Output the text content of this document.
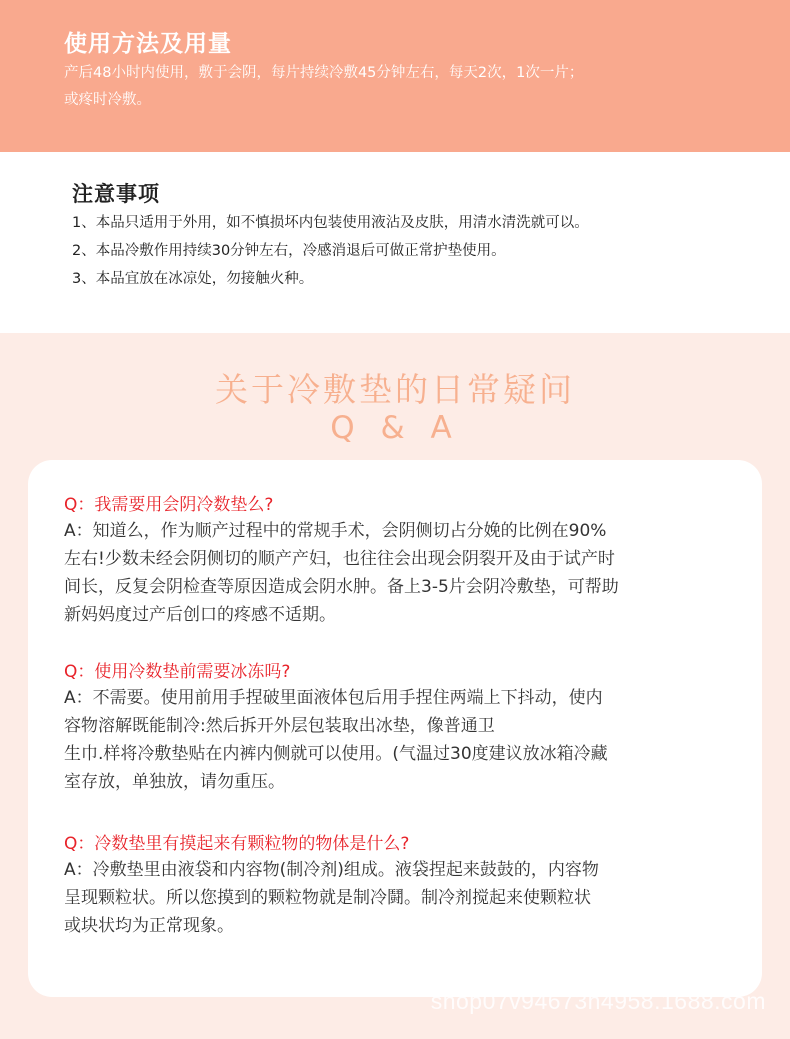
使用方法及用量
产后48小时内使用，敷于会阴，每片持续冷敷45分钟左右，每天2次，1次一片；
或疼时冷敷。
注意事项
1、本品只适用于外用，如不慎损坏内包装使用液沾及皮肤，用清水清洗就可以。
2、本品冷敷作用持续30分钟左右，冷感消退后可做正常护垫使用。
3、本品宜放在冰凉处，勿接触火种。
关于冷敷垫的日常疑问
Q & A
Q：我需要用会阴冷数垫么?
A：知道么，作为顺产过程中的常规手术，会阴侧切占分娩的比例在90%
左右!少数未经会阴侧切的顺产产妇，也往往会出现会阴裂开及由于试产时
间长，反复会阴检查等原因造成会阴水肿。备上3-5片会阴冷敷垫，可帮助
新妈妈度过产后创口的疼感不适期。
Q：使用冷数垫前需要冰冻吗?
A：不需要。使用前用手捏破里面液体包后用手捏住两端上下抖动，使内
容物溶解既能制冷:然后拆开外层包装取出冰垫，像普通卫
生巾.样将冷敷垫贴在内裤内侧就可以使用。(气温过30度建议放冰箱冷藏
室存放，单独放，请勿重压。
Q：冷数垫里有摸起来有颗粒物的物体是什么?
A：冷敷垫里由液袋和内容物(制冷剂)组成。液袋捏起来鼓鼓的，内容物
呈现颗粒状。所以您摸到的颗粒物就是制冷鬪。制冷剂搅起来使颗粒状
或块状均为正常现象。
shop07v94673h4958.1688.com
